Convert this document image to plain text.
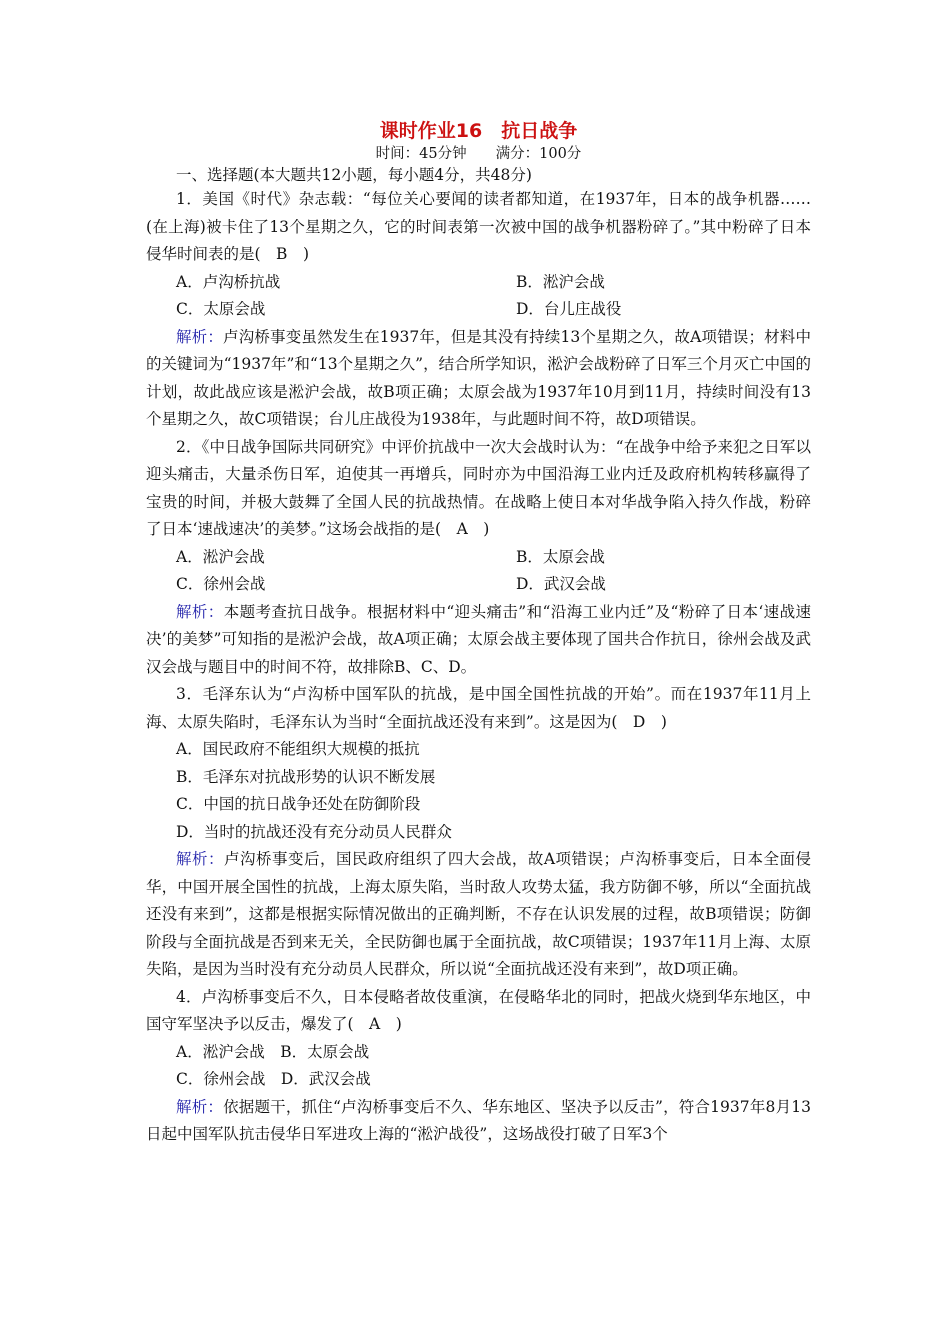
课时作业16　抗日战争

时间：45分钟　　满分：100分

一、选择题(本大题共12小题，每小题4分，共48分)

1．美国《时代》杂志载：“每位关心要闻的读者都知道，在1937年，日本的战争机器……(在上海)被卡住了13个星期之久，它的时间表第一次被中国的战争机器粉碎了。”其中粉碎了日本侵华时间表的是(　B　)

A．卢沟桥抗战	B．淞沪会战

C．太原会战	D．台儿庄战役

解析：卢沟桥事变虽然发生在1937年，但是其没有持续13个星期之久，故A项错误；材料中的关键词为“1937年”和“13个星期之久”，结合所学知识，淞沪会战粉碎了日军三个月灭亡中国的计划，故此战应该是淞沪会战，故B项正确；太原会战为1937年10月到11月，持续时间没有13个星期之久，故C项错误；台儿庄战役为1938年，与此题时间不符，故D项错误。

2．《中日战争国际共同研究》中评价抗战中一次大会战时认为：“在战争中给予来犯之日军以迎头痛击，大量杀伤日军，迫使其一再增兵，同时亦为中国沿海工业内迁及政府机构转移赢得了宝贵的时间，并极大鼓舞了全国人民的抗战热情。在战略上使日本对华战争陷入持久作战，粉碎了日本‘速战速决’的美梦。”这场会战指的是(　A　)

A．淞沪会战	B．太原会战

C．徐州会战	D．武汉会战

解析：本题考查抗日战争。根据材料中“迎头痛击”和“沿海工业内迁”及“粉碎了日本‘速战速决’的美梦”可知指的是淞沪会战，故A项正确；太原会战主要体现了国共合作抗日，徐州会战及武汉会战与题目中的时间不符，故排除B、C、D。

3．毛泽东认为“卢沟桥中国军队的抗战，是中国全国性抗战的开始”。而在1937年11月上海、太原失陷时，毛泽东认为当时“全面抗战还没有来到”。这是因为(　D　)

A．国民政府不能组织大规模的抵抗

B．毛泽东对抗战形势的认识不断发展

C．中国的抗日战争还处在防御阶段

D．当时的抗战还没有充分动员人民群众

解析：卢沟桥事变后，国民政府组织了四大会战，故A项错误；卢沟桥事变后，日本全面侵华，中国开展全国性的抗战，上海太原失陷，当时敌人攻势太猛，我方防御不够，所以“全面抗战还没有来到”，这都是根据实际情况做出的正确判断，不存在认识发展的过程，故B项错误；防御阶段与全面抗战是否到来无关，全民防御也属于全面抗战，故C项错误；1937年11月上海、太原失陷，是因为当时没有充分动员人民群众，所以说“全面抗战还没有来到”，故D项正确。

4．卢沟桥事变后不久，日本侵略者故伎重演，在侵略华北的同时，把战火烧到华东地区，中国守军坚决予以反击，爆发了(　A　)

A．淞沪会战　B．太原会战

C．徐州会战　D．武汉会战

解析：依据题干，抓住“卢沟桥事变后不久、华东地区、坚决予以反击”，符合1937年8月13日起中国军队抗击侵华日军进攻上海的“淞沪战役”，这场战役打破了日军3个
